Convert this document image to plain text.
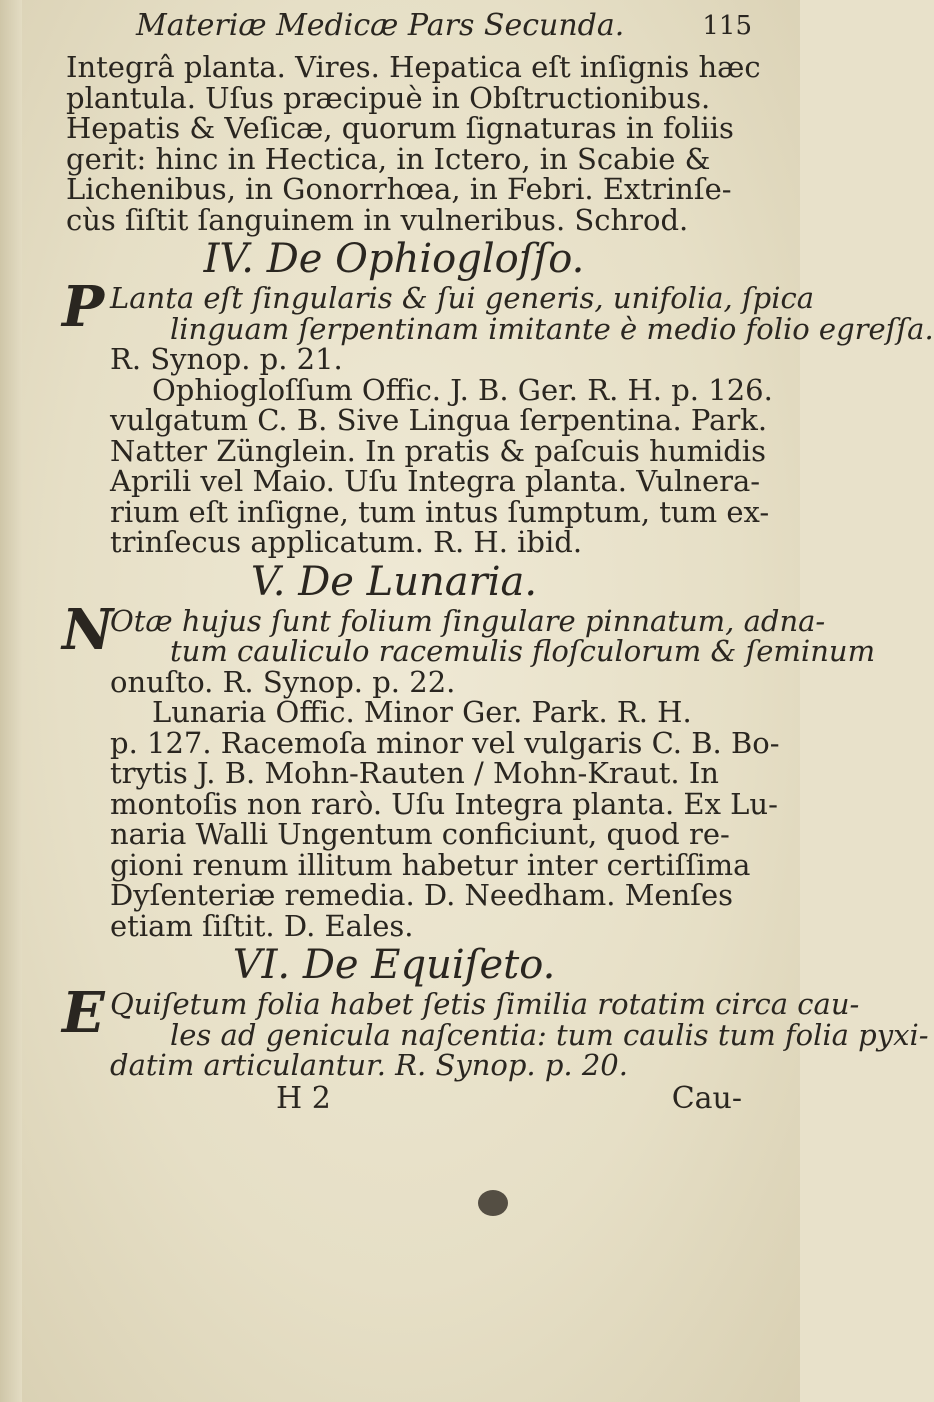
Materiæ Medicæ Pars Secunda.	115
Integrâ planta. Vires. Hepatica eſt inſignis hæc
plantula. Uſus præcipuè in Obſtructionibus.
Hepatis & Veſicæ, quorum ſignaturas in foliis
gerit: hinc in Hectica, in Ictero, in Scabie &
Lichenibus, in Gonorrhœa, in Febri. Extrinſe-
cùs ſiſtit ſanguinem in vulneribus. Schrod.
IV. De Ophiogloſſo.
P Lanta eſt ſingularis & ſui generis, unifolia, ſpica
linguam ſerpentinam imitante è medio folio egreſſa.
R. Synop. p. 21.
Ophiogloſſum Offic. J. B. Ger. R. H. p. 126.
vulgatum C. B. Sive Lingua ſerpentina. Park.
Natter Zünglein. In pratis & paſcuis humidis
Aprili vel Maio. Uſu Integra planta. Vulnera-
rium eſt inſigne, tum intus ſumptum, tum ex-
trinſecus applicatum. R. H. ibid.
V. De Lunaria.
N
Otæ hujus ſunt folium ſingulare pinnatum, adna-
tum cauliculo racemulis floſculorum & ſeminum
onuſto. R. Synop. p. 22.
Lunaria Offic. Minor Ger. Park. R. H.
p. 127. Racemoſa minor vel vulgaris C. B. Bo-
trytis J. B. Mohn-Rauten / Mohn-Kraut. In
montoſis non rarò. Uſu Integra planta. Ex Lu-
naria Walli Ungentum conficiunt, quod re-
gioni renum illitum habetur inter certiſſima
Dyſenteriæ remedia. D. Needham. Menſes
etiam ſiſtit. D. Eales.
VI. De Equiſeto.
E Quiſetum folia habet ſetis ſimilia rotatim circa cau-
les ad genicula naſcentia: tum caulis tum folia pyxi-
datim articulantur. R. Synop. p. 20.
H 2	Cau-
